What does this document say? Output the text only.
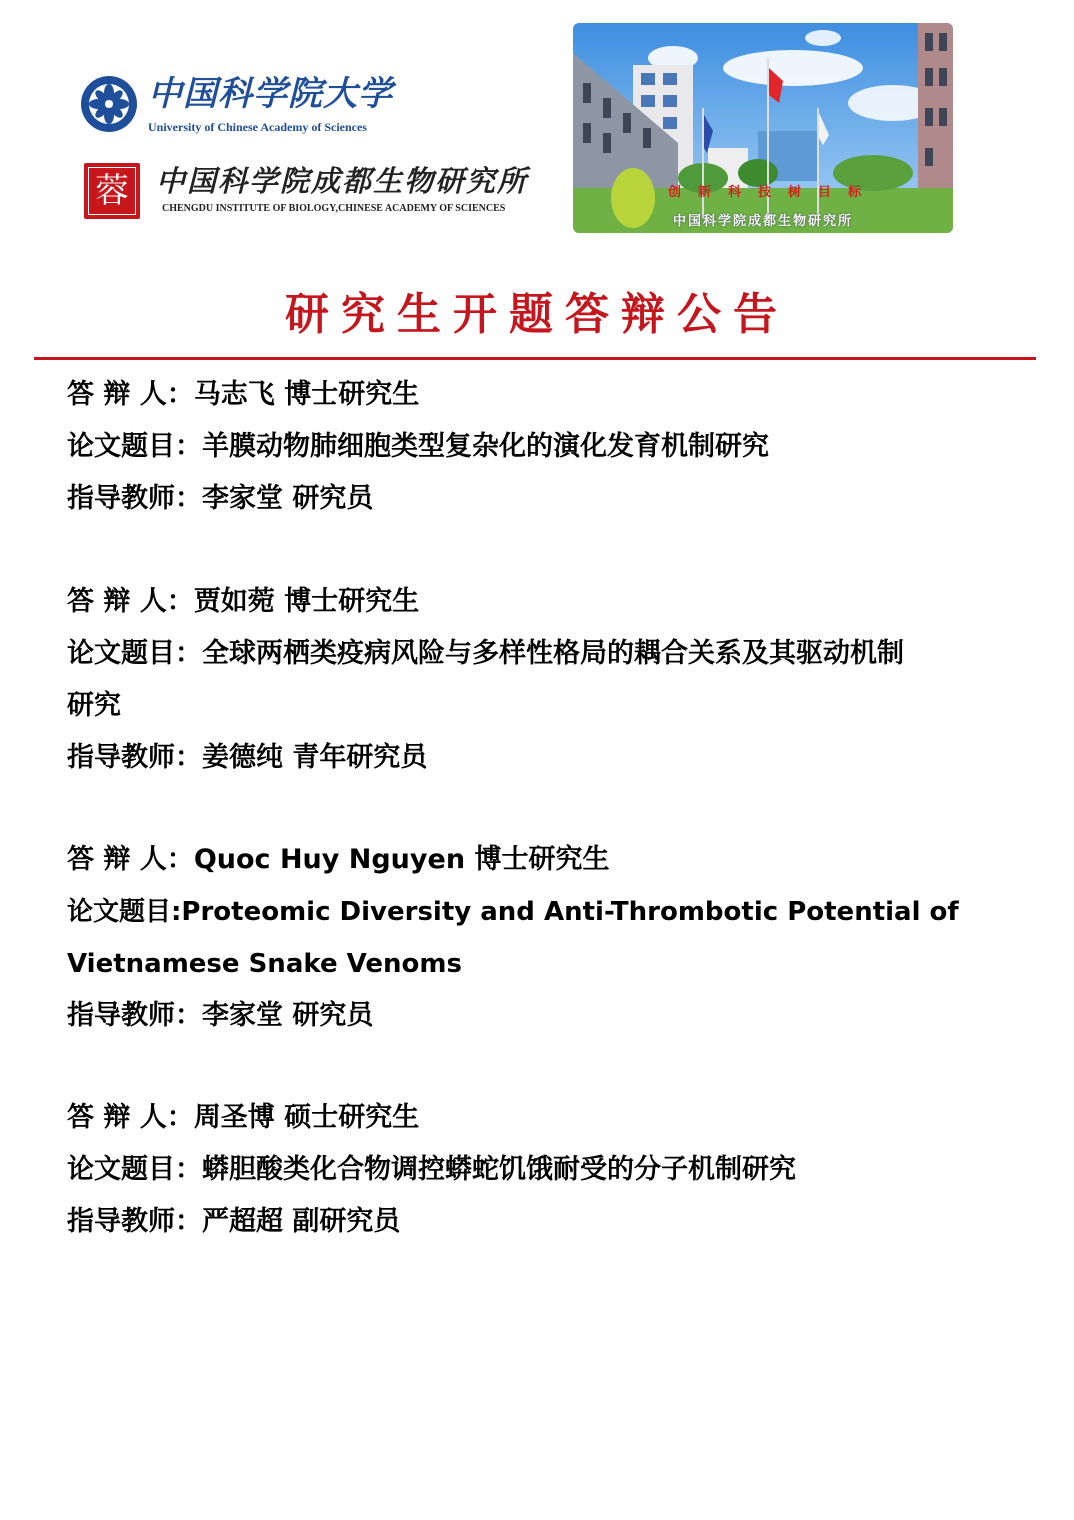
中国科学院大学
University of Chinese Academy of Sciences
蓉 中国科学院成都生物研究所
CHENGDU INSTITUTE OF BIOLOGY,CHINESE ACADEMY OF SCIENCES
创新科技树目标
中国科学院成都生物研究所
研究生开题答辩公告
答 辩 人：马志飞 博士研究生
论文题目：羊膜动物肺细胞类型复杂化的演化发育机制研究
指导教师：李家堂 研究员
答 辩 人：贾如菀 博士研究生
论文题目：全球两栖类疫病风险与多样性格局的耦合关系及其驱动机制
研究
指导教师：姜德纯 青年研究员
答 辩 人：Quoc Huy Nguyen 博士研究生
论文题目:Proteomic Diversity and Anti-Thrombotic Potential of
Vietnamese Snake Venoms
指导教师：李家堂 研究员
答 辩 人：周圣博 硕士研究生
论文题目：蟒胆酸类化合物调控蟒蛇饥饿耐受的分子机制研究
指导教师：严超超 副研究员
